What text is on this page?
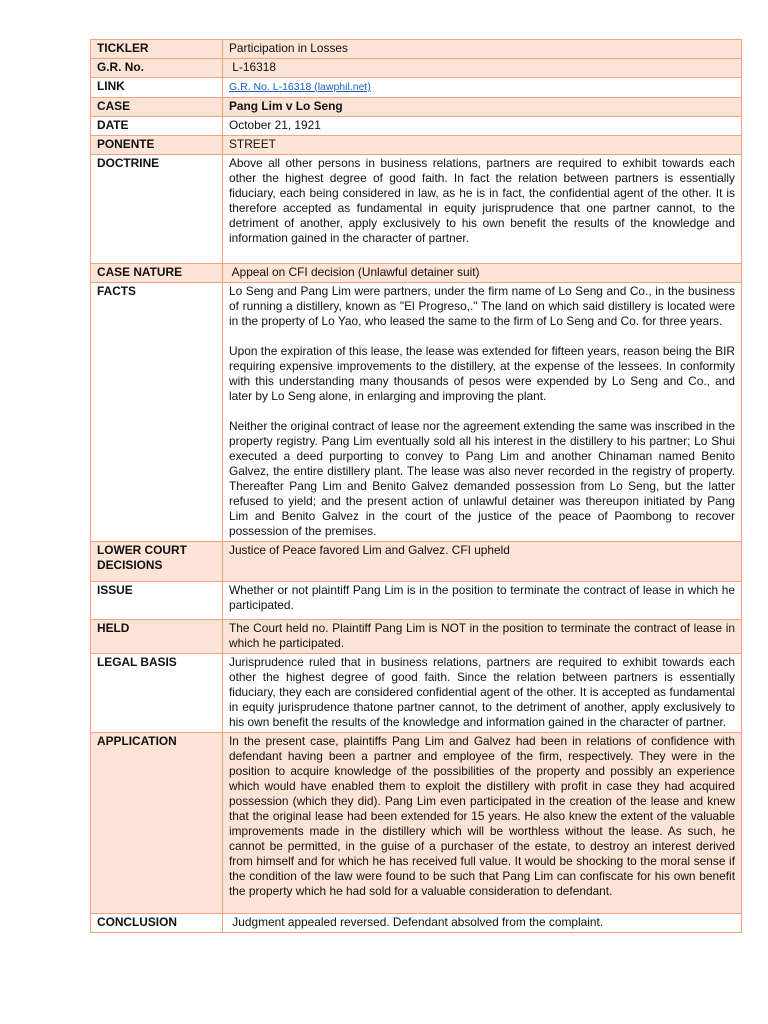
TICKLER	Participation in Losses
G.R. No.	L-16318
LINK	G.R. No. L-16318 (lawphil.net)
CASE	Pang Lim v Lo Seng
DATE	October 21, 1921
PONENTE	STREET
DOCTRINE	Above all other persons in business relations, partners are required to exhibit towards each other the highest degree of good faith. In fact the relation between partners is essentially fiduciary, each being considered in law, as he is in fact, the confidential agent of the other. It is therefore accepted as fundamental in equity jurisprudence that one partner cannot, to the detriment of another, apply exclusively to his own benefit the results of the knowledge and information gained in the character of partner.

CASE NATURE	Appeal on CFI decision (Unlawful detainer suit)
FACTS	Lo Seng and Pang Lim were partners, under the firm name of Lo Seng and Co., in the business of running a distillery, known as "El Progreso,." The land on which said distillery is located were in the property of Lo Yao, who leased the same to the firm of Lo Seng and Co. for three years.

Upon the expiration of this lease, the lease was extended for fifteen years, reason being the BIR requiring expensive improvements to the distillery, at the expense of the lessees. In conformity with this understanding many thousands of pesos were expended by Lo Seng and Co., and later by Lo Seng alone, in enlarging and improving the plant.

Neither the original contract of lease nor the agreement extending the same was inscribed in the property registry. Pang Lim eventually sold all his interest in the distillery to his partner; Lo Shui executed a deed purporting to convey to Pang Lim and another Chinaman named Benito Galvez, the entire distillery plant. The lease was also never recorded in the registry of property. Thereafter Pang Lim and Benito Galvez demanded possession from Lo Seng, but the latter refused to yield; and the present action of unlawful detainer was thereupon initiated by Pang Lim and Benito Galvez in the court of the justice of the peace of Paombong to recover possession of the premises.

LOWER COURT DECISIONS	Justice of Peace favored Lim and Galvez. CFI upheld
ISSUE	Whether or not plaintiff Pang Lim is in the position to terminate the contract of lease in which he participated.

HELD	The Court held no. Plaintiff Pang Lim is NOT in the position to terminate the contract of lease in which he participated.

LEGAL BASIS	Jurisprudence ruled that in business relations, partners are required to exhibit towards each other the highest degree of good faith. Since the relation between partners is essentially fiduciary, they each are considered confidential agent of the other. It is accepted as fundamental in equity jurisprudence thatone partner cannot, to the detriment of another, apply exclusively to his own benefit the results of the knowledge and information gained in the character of partner.

APPLICATION	In the present case, plaintiffs Pang Lim and Galvez had been in relations of confidence with defendant having been a partner and employee of the firm, respectively. They were in the position to acquire knowledge of the possibilities of the property and possibly an experience which would have enabled them to exploit the distillery with profit in case they had acquired possession (which they did). Pang Lim even participated in the creation of the lease and knew that the original lease had been extended for 15 years. He also knew the extent of the valuable improvements made in the distillery which will be worthless without the lease. As such, he cannot be permitted, in the guise of a purchaser of the estate, to destroy an interest derived from himself and for which he has received full value. It would be shocking to the moral sense if the condition of the law were found to be such that Pang Lim can confiscate for his own benefit the property which he had sold for a valuable consideration to defendant.

CONCLUSION	Judgment appealed reversed. Defendant absolved from the complaint.
